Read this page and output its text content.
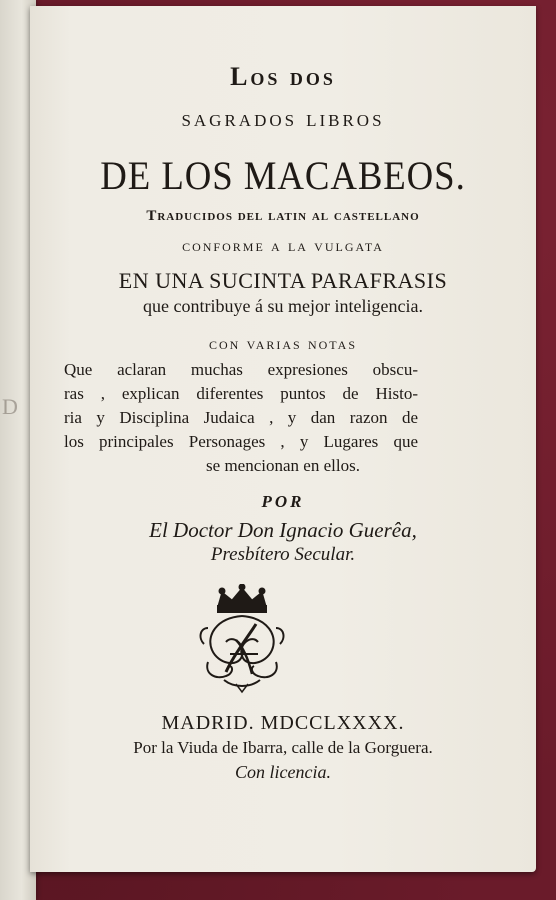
D
Los dos
sagrados libros
DE LOS MACABEOS.
Traducidos del latin al castellano
conforme a la vulgata
EN UNA SUCINTA PARAFRASIS
que contribuye á su mejor inteligencia.
con varias notas
Que aclaran muchas expresiones obscu-
ras , explican diferentes puntos de Histo-
ria y Disciplina Judaica , y dan razon de
los principales Personages , y Lugares que
se mencionan en ellos.
POR
El Doctor Don Ignacio Guerêa,
Presbítero Secular.
MADRID. MDCCLXXXX.
Por la Viuda de Ibarra, calle de la Gorguera.
Con licencia.
